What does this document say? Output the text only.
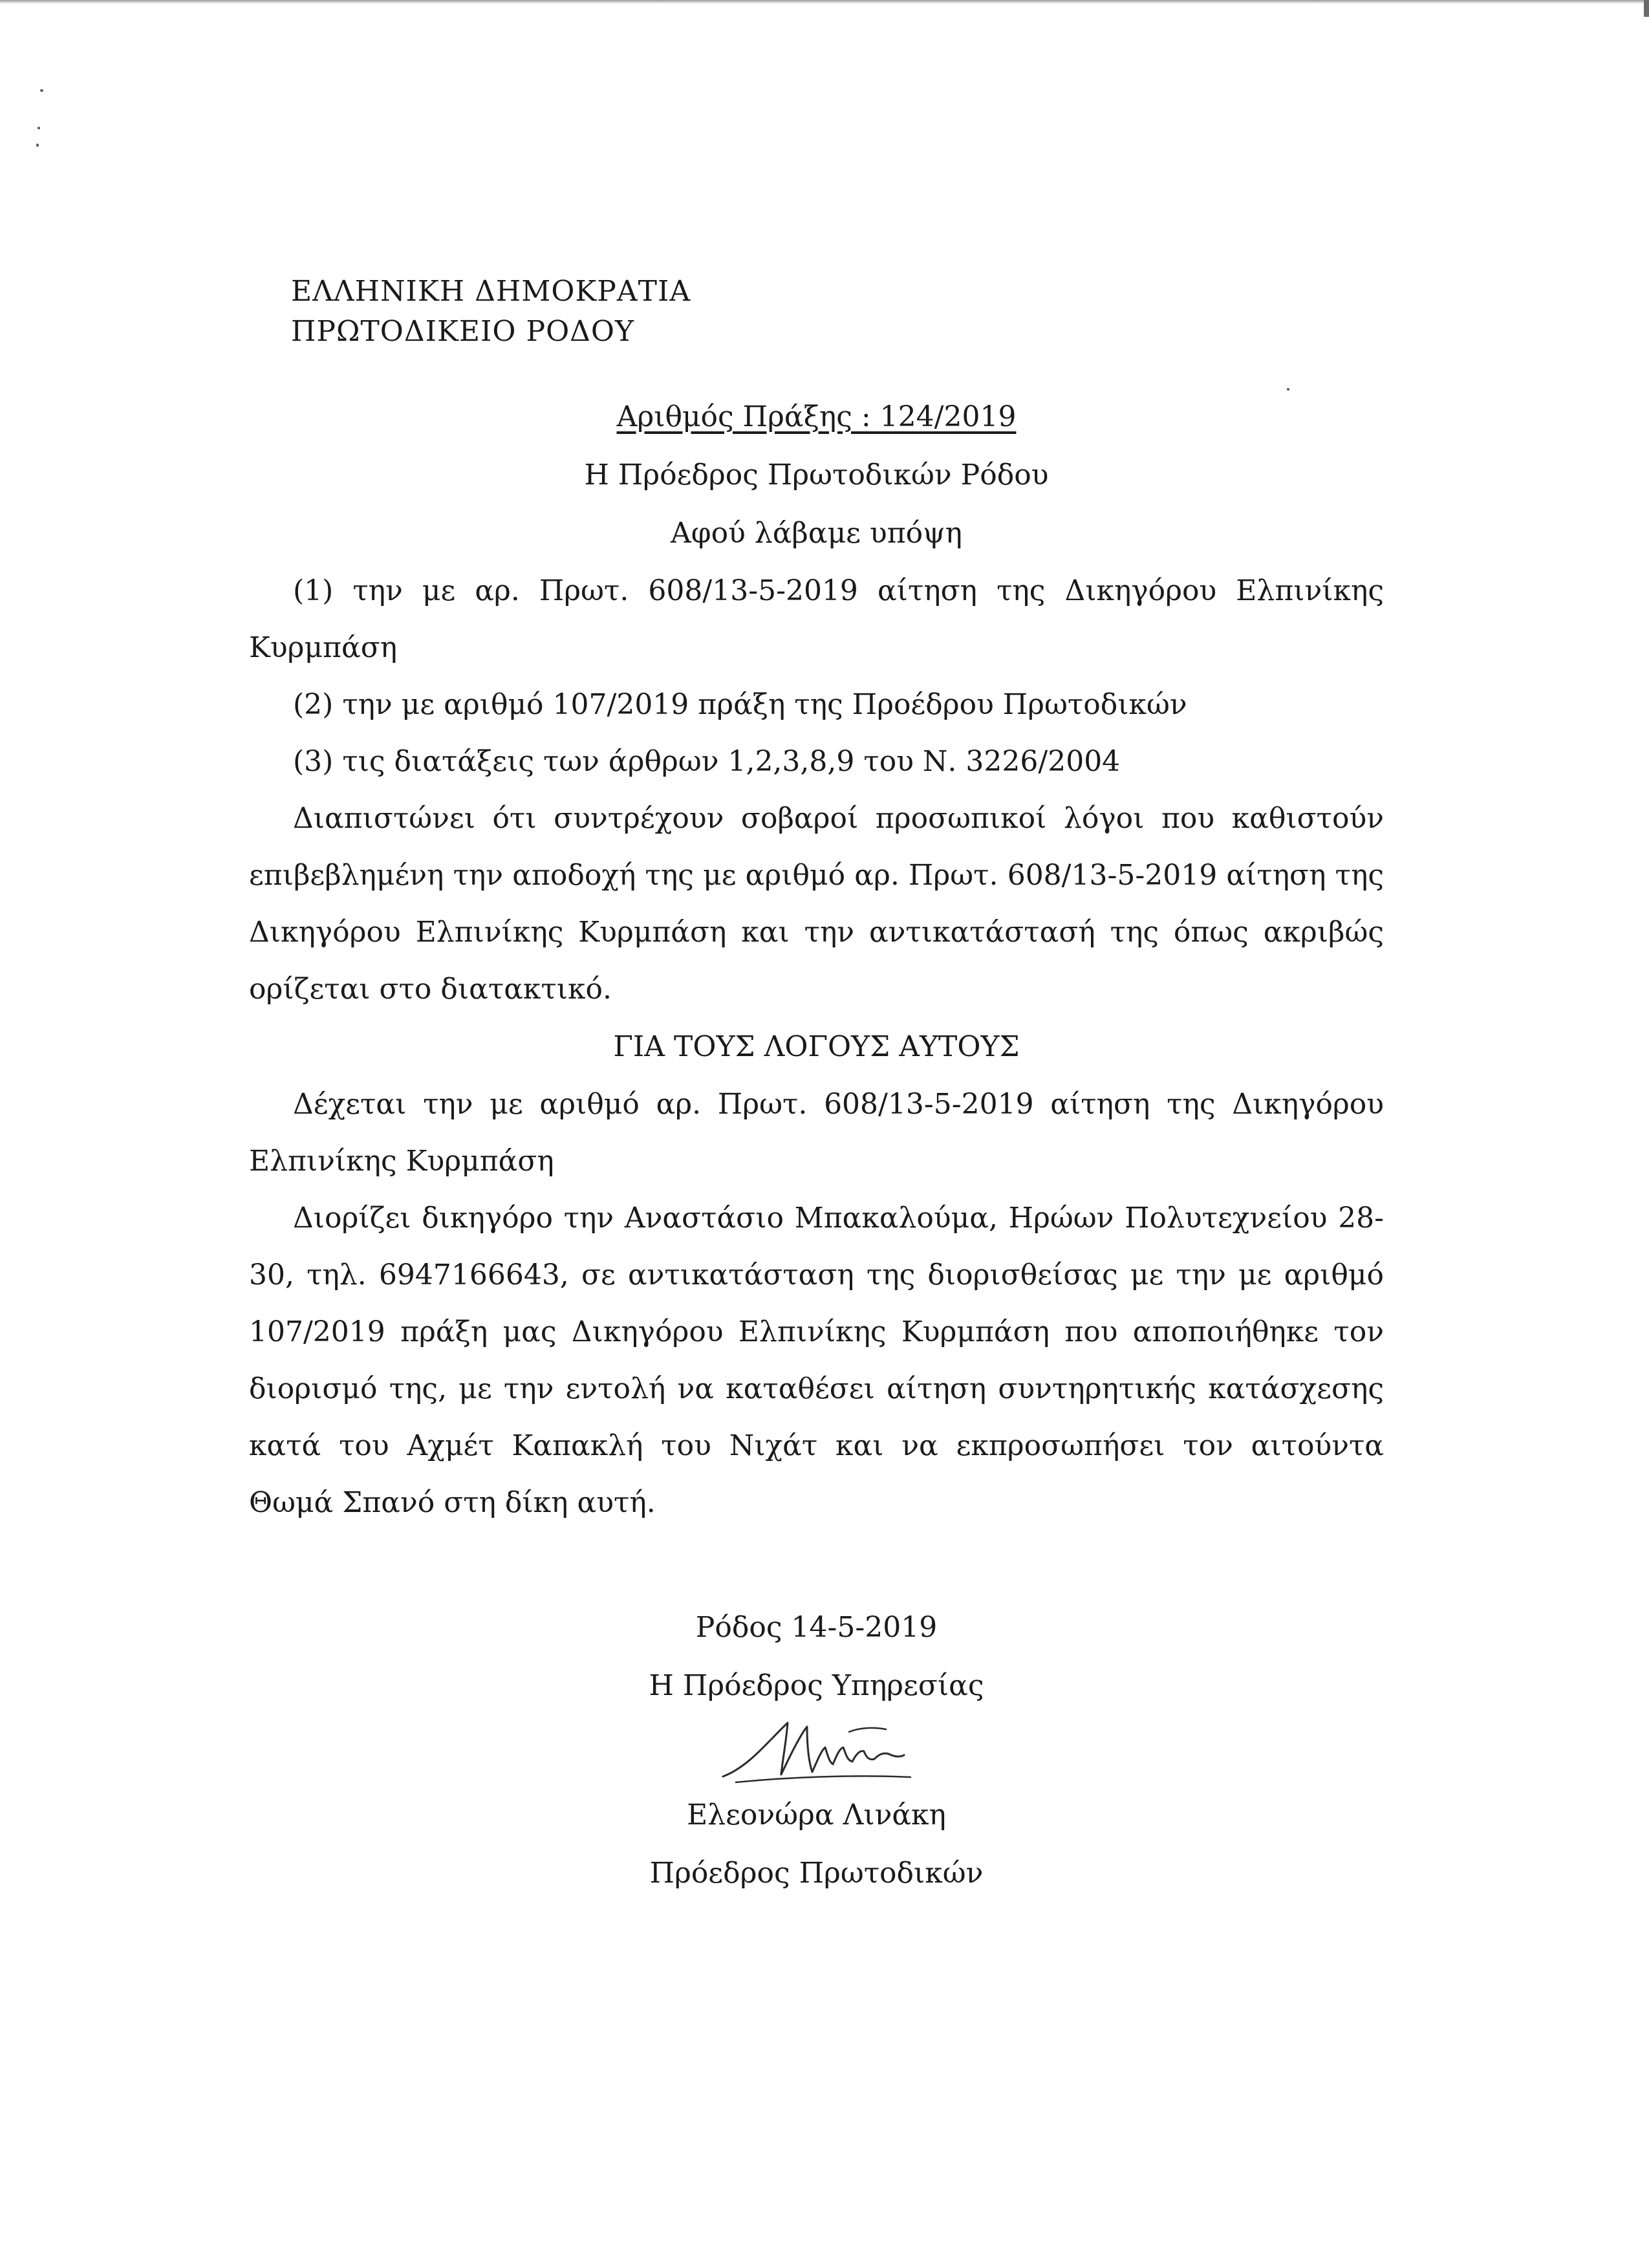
ΕΛΛΗΝΙΚΗ ΔΗΜΟΚΡΑΤΙΑ
ΠΡΩΤΟΔΙΚΕΙΟ ΡΟΔΟΥ
Αριθμός Πράξης : 124/2019
Η Πρόεδρος Πρωτοδικών Ρόδου
Αφού λάβαμε υπόψη

(1) την με αρ. Πρωτ. 608/13-5-2019 αίτηση της Δικηγόρου Ελπινίκης Κυρμπάση

(2) την με αριθμό 107/2019 πράξη της Προέδρου Πρωτοδικών

(3) τις διατάξεις των άρθρων 1,2,3,8,9 του Ν. 3226/2004

Διαπιστώνει ότι συντρέχουν σοβαροί προσωπικοί λόγοι που καθιστούν επιβεβλημένη την αποδοχή της με αριθμό αρ. Πρωτ. 608/13-5-2019 αίτηση της Δικηγόρου Ελπινίκης Κυρμπάση και την αντικατάστασή της όπως ακριβώς ορίζεται στο διατακτικό.

ΓΙΑ ΤΟΥΣ ΛΟΓΟΥΣ ΑΥΤΟΥΣ

Δέχεται την με αριθμό αρ. Πρωτ. 608/13-5-2019 αίτηση της Δικηγόρου Ελπινίκης Κυρμπάση

Διορίζει δικηγόρο την Αναστάσιο Μπακαλούμα, Ηρώων Πολυτεχνείου 28-30, τηλ. 6947166643, σε αντικατάσταση της διορισθείσας με την με αριθμό 107/2019 πράξη μας Δικηγόρου Ελπινίκης Κυρμπάση που αποποιήθηκε τον διορισμό της, με την εντολή να καταθέσει αίτηση συντηρητικής κατάσχεσης κατά του Αχμέτ Καπακλή του Νιχάτ και να εκπροσωπήσει τον αιτούντα Θωμά Σπανό στη δίκη αυτή.

Ρόδος 14-5-2019
Η Πρόεδρος Υπηρεσίας
Ελεονώρα Λινάκη
Πρόεδρος Πρωτοδικών
